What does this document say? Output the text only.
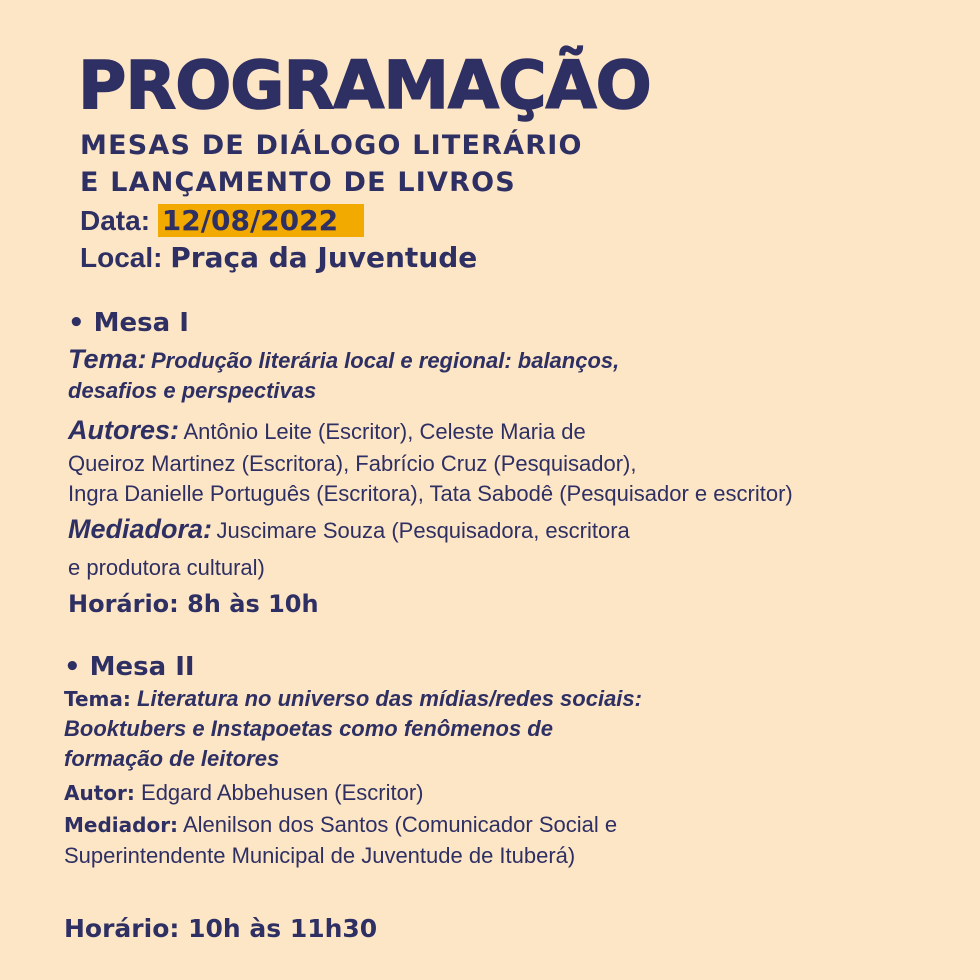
PROGRAMAÇÃO
MESAS DE DIÁLOGO LITERÁRIO
E LANÇAMENTO DE LIVROS
Data: 12/08/2022
Local: Praça da Juventude
• Mesa I
Tema: Produção literária local e regional: balanços,
desafios e perspectivas
Autores: Antônio Leite (Escritor), Celeste Maria de
Queiroz Martinez (Escritora), Fabrício Cruz (Pesquisador),
Ingra Danielle Português (Escritora), Tata Sabodê (Pesquisador e escritor)
Mediadora: Juscimare Souza (Pesquisadora, escritora
e produtora cultural)
Horário: 8h às 10h
• Mesa II
Tema: Literatura no universo das mídias/redes sociais:
Booktubers e Instapoetas como fenômenos de
formação de leitores
Autor: Edgard Abbehusen (Escritor)
Mediador: Alenilson dos Santos (Comunicador Social e
Superintendente Municipal de Juventude de Ituberá)
Horário: 10h às 11h30
